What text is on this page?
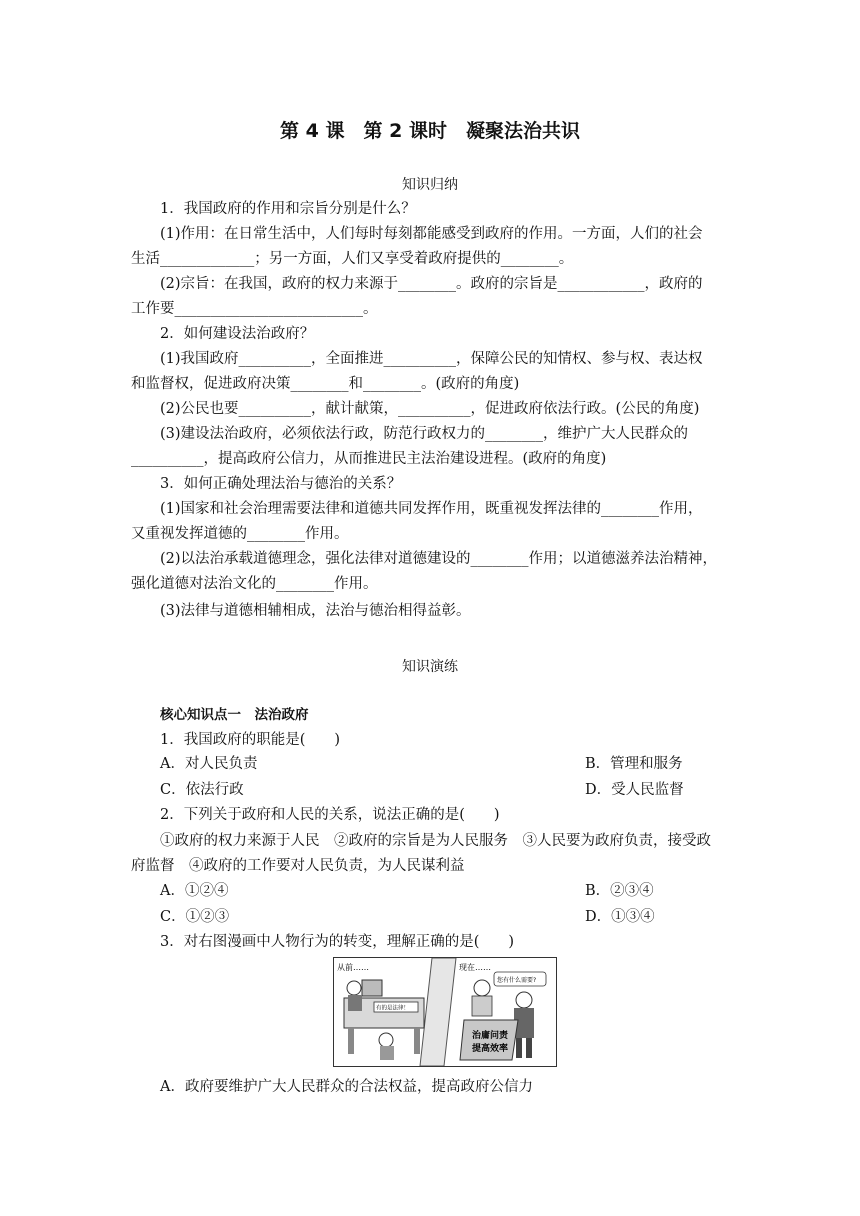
第 4 课　第 2 课时　凝聚法治共识
知识归纳
1．我国政府的作用和宗旨分别是什么？
(1)作用：在日常生活中，人们每时每刻都能感受到政府的作用。一方面，人们的社会
生活_____________；另一方面，人们又享受着政府提供的________。
(2)宗旨：在我国，政府的权力来源于________。政府的宗旨是____________，政府的
工作要__________________________。
2．如何建设法治政府？
(1)我国政府__________，全面推进__________，保障公民的知情权、参与权、表达权
和监督权，促进政府决策________和________。(政府的角度)
(2)公民也要__________，献计献策，__________，促进政府依法行政。(公民的角度)
(3)建设法治政府，必须依法行政，防范行政权力的________，维护广大人民群众的
__________，提高政府公信力，从而推进民主法治建设进程。(政府的角度)
3．如何正确处理法治与德治的关系？
(1)国家和社会治理需要法律和道德共同发挥作用，既重视发挥法律的________作用，
又重视发挥道德的________作用。
(2)以法治承载道德理念，强化法律对道德建设的________作用；以道德滋养法治精神，
强化道德对法治文化的________作用。
(3)法律与道德相辅相成，法治与德治相得益彰。
知识演练
核心知识点一　法治政府
1．我国政府的职能是(　　)
A．对人民负责	B．管理和服务
C．依法行政	D．受人民监督
2．下列关于政府和人民的关系，说法正确的是(　　)
①政府的权力来源于人民　②政府的宗旨是为人民服务　③人民要为政府负责，接受政
府监督　④政府的工作要对人民负责，为人民谋利益
A．①②④	B．②③④
C．①②③	D．①③④
3．对右图漫画中人物行为的转变，理解正确的是(　　)
从前……
有的是法律！
现在……
您有什么需要?
治庸问责
提高效率
A．政府要维护广大人民群众的合法权益，提高政府公信力
